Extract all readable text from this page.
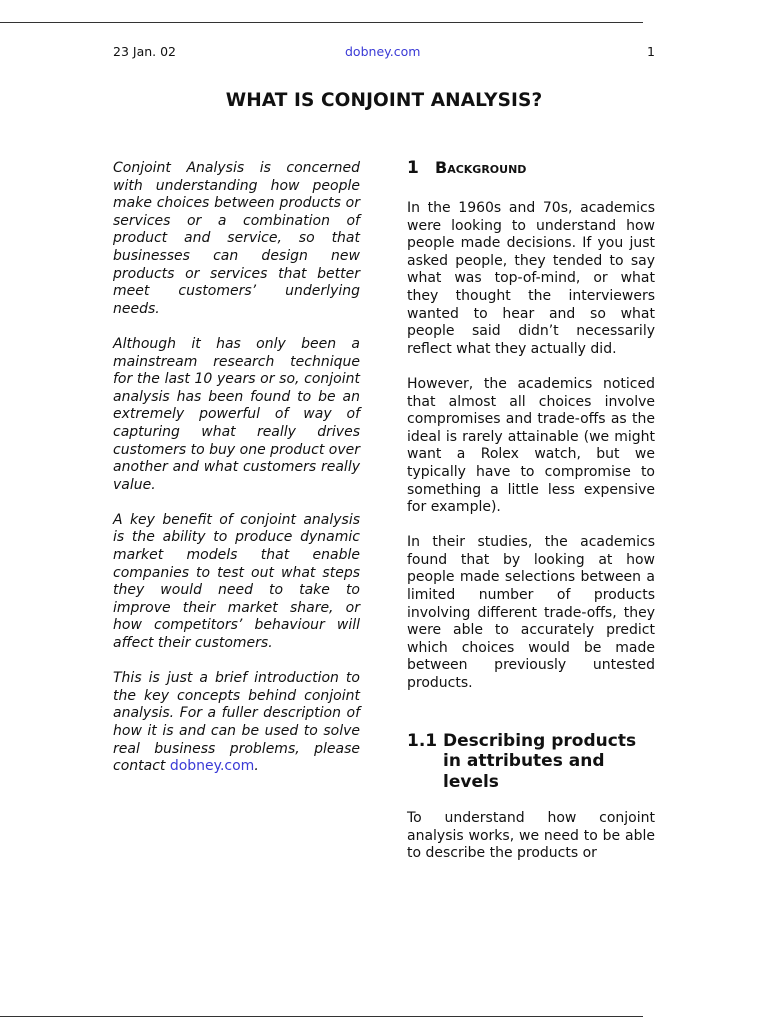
23 Jan. 02	dobney.com	1
WHAT IS CONJOINT ANALYSIS?

Conjoint Analysis is concerned with understanding how people make choices between products or services or a combination of product and service, so that businesses can design new products or services that better meet customers’ underlying needs.

Although it has only been a mainstream research technique for the last 10 years or so, conjoint analysis has been found to be an extremely powerful of way of capturing what really drives customers to buy one product over another and what customers really value.

A key benefit of conjoint analysis is the ability to produce dynamic market models that enable companies to test out what steps they would need to take to improve their market share, or how competitors’ behaviour will affect their customers.

This is just a brief introduction to the key concepts behind conjoint analysis. For a fuller description of how it is and can be used to solve real business problems, please contact dobney.com.

1 Background

In the 1960s and 70s, academics were looking to understand how people made decisions. If you just asked people, they tended to say what was top-of-mind, or what they thought the interviewers wanted to hear and so what people said didn’t necessarily reflect what they actually did.

However, the academics noticed that almost all choices involve compromises and trade-offs as the ideal is rarely attainable (we might want a Rolex watch, but we typically have to compromise to something a little less expensive for example).

In their studies, the academics found that by looking at how people made selections between a limited number of products involving different trade-offs, they were able to accurately predict which choices would be made between previously untested products.

1.1 Describing products in attributes and levels

To understand how conjoint analysis works, we need to be able to describe the products or
